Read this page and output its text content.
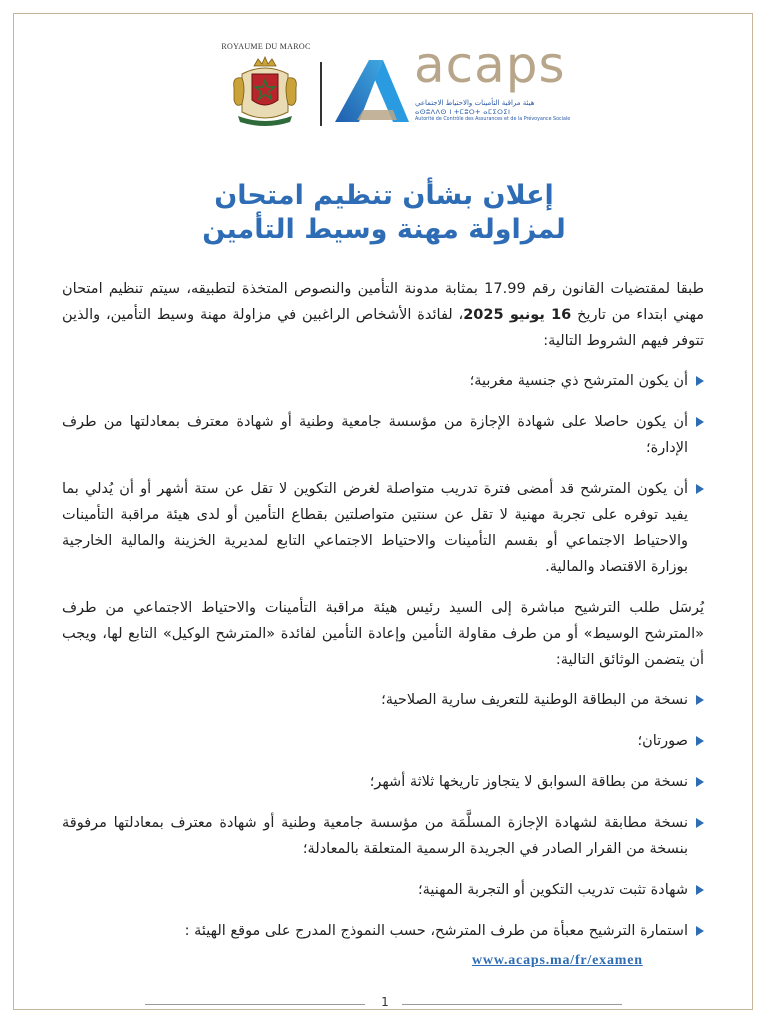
ROYAUME DU MAROC acaps
هيئة مراقبة التأمينات والاحتياط الاجتماعي
ⴰⵙⵓⴷⴷⵙ ⵏ ⵜⵎⵓⵔⵜ ⴰⵎⵉⵔⵉⵏ
Autorité de Contrôle des Assurances et de la Prévoyance Sociale
إعلان بشأن تنظيم امتحان
لمزاولة مهنة وسيط التأمين

طبقا لمقتضيات القانون رقم 17.99 بمثابة مدونة التأمين والنصوص المتخذة لتطبيقه، سيتم تنظيم امتحان مهني ابتداء من تاريخ 16 يونيو 2025، لفائدة الأشخاص الراغبين في مزاولة مهنة وسيط التأمين، والذين تتوفر فيهم الشروط التالية:

أن يكون المترشح ذي جنسية مغربية؛
أن يكون حاصلا على شهادة الإجازة من مؤسسة جامعية وطنية أو شهادة معترف بمعادلتها من طرف الإدارة؛
أن يكون المترشح قد أمضى فترة تدريب متواصلة لغرض التكوين لا تقل عن ستة أشهر أو أن يُدلي بما يفيد توفره على تجربة مهنية لا تقل عن سنتين متواصلتين بقطاع التأمين أو لدى هيئة مراقبة التأمينات والاحتياط الاجتماعي أو بقسم التأمينات والاحتياط الاجتماعي التابع لمديرية الخزينة والمالية الخارجية بوزارة الاقتصاد والمالية.

يُرسَل طلب الترشيح مباشرة إلى السيد رئيس هيئة مراقبة التأمينات والاحتياط الاجتماعي من طرف «المترشح الوسيط» أو من طرف مقاولة التأمين وإعادة التأمين لفائدة «المترشح الوكيل» التابع لها، ويجب أن يتضمن الوثائق التالية:

نسخة من البطاقة الوطنية للتعريف سارية الصلاحية؛
صورتان؛
نسخة من بطاقة السوابق لا يتجاوز تاريخها ثلاثة أشهر؛
نسخة مطابقة لشهادة الإجازة المسلَّمَة من مؤسسة جامعية وطنية أو شهادة معترف بمعادلتها مرفوقة بنسخة من القرار الصادر في الجريدة الرسمية المتعلقة بالمعادلة؛
شهادة تثبت تدريب التكوين أو التجربة المهنية؛
استمارة الترشيح معبأة من طرف المترشح، حسب النموذج المدرج على موقع الهيئة :
www.acaps.ma/fr/examen
1
